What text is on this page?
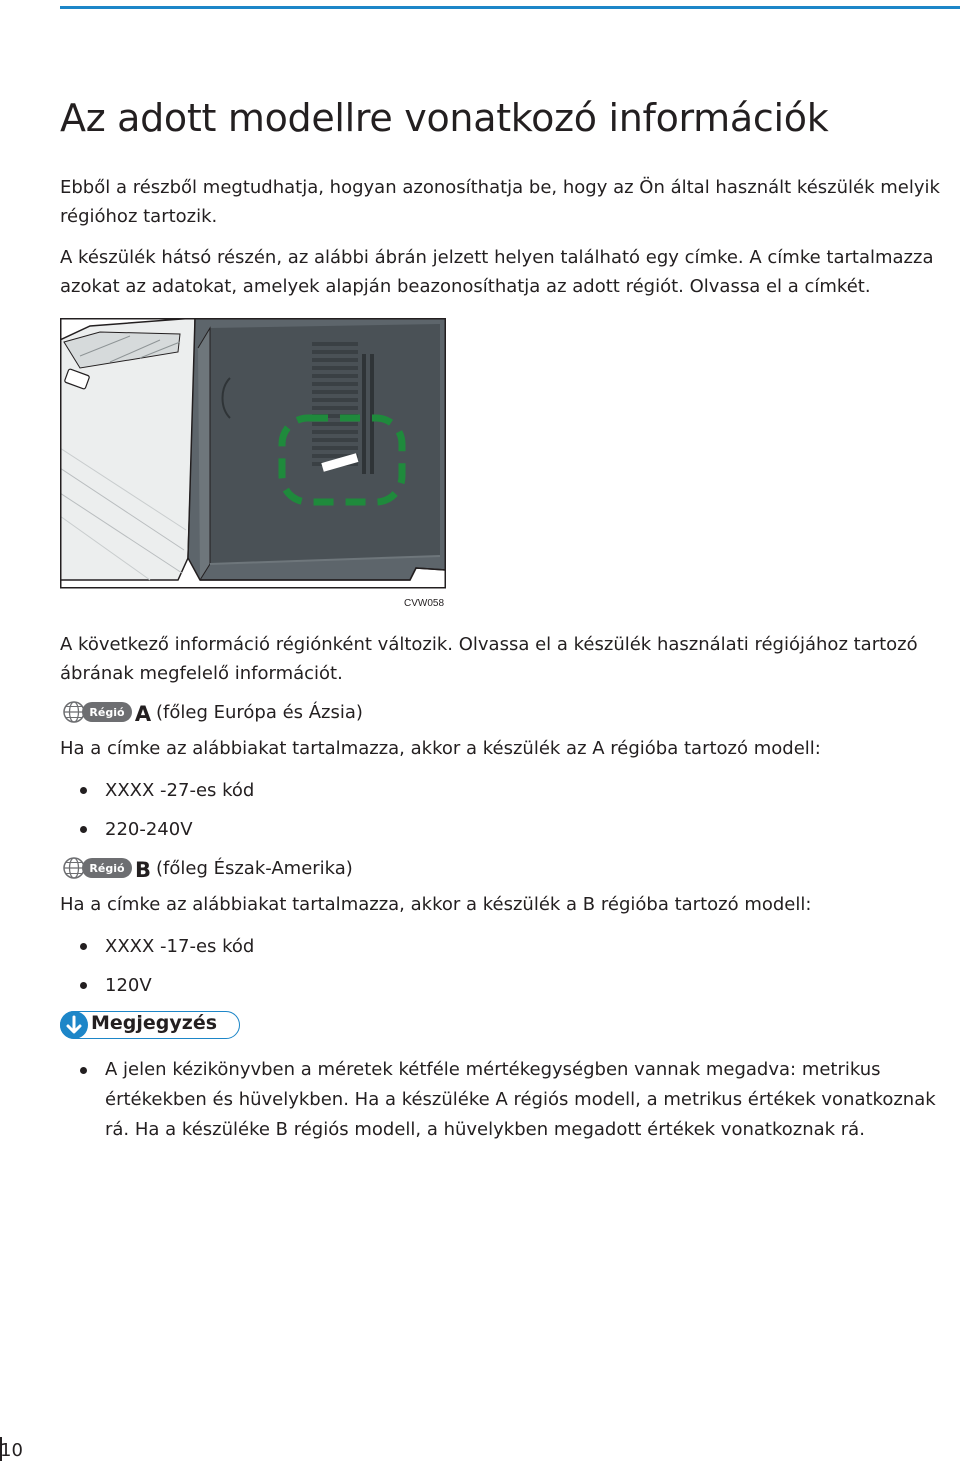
Az adott modellre vonatkozó információk

Ebből a részből megtudhatja, hogyan azonosíthatja be, hogy az Ön által használt készülék melyik régióhoz tartozik.

A készülék hátsó részén, az alábbi ábrán jelzett helyen található egy címke. A címke tartalmazza azokat az adatokat, amelyek alapján beazonosíthatja az adott régiót. Olvassa el a címkét.

CVW058

A következő információ régiónként változik. Olvassa el a készülék használati régiójához tartozó ábrának megfelelő információt.

Régió A (főleg Európa és Ázsia)

Ha a címke az alábbiakat tartalmazza, akkor a készülék az A régióba tartozó modell:

XXXX -27-es kód
220-240V
Régió B (főleg Észak-Amerika)

Ha a címke az alábbiakat tartalmazza, akkor a készülék a B régióba tartozó modell:

XXXX -17-es kód
120V
Megjegyzés
A jelen kézikönyvben a méretek kétféle mértékegységben vannak megadva: metrikus értékekben és hüvelykben. Ha a készüléke A régiós modell, a metrikus értékek vonatkoznak rá. Ha a készüléke B régiós modell, a hüvelykben megadott értékek vonatkoznak rá.
10
